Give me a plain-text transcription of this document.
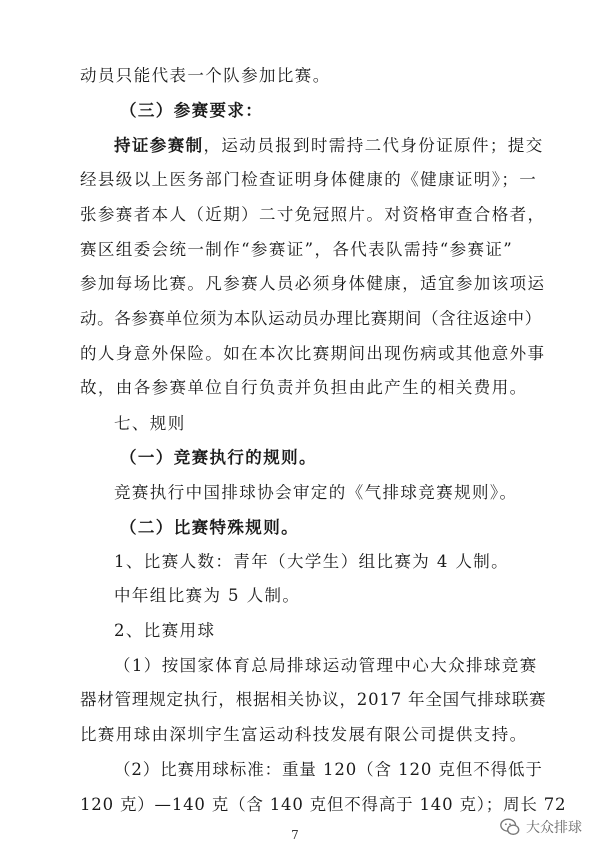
动员只能代表一个队参加比赛。
（三）参赛要求：
持证参赛制，运动员报到时需持二代身份证原件；提交
经县级以上医务部门检查证明身体健康的《健康证明》；一
张参赛者本人（近期）二寸免冠照片。对资格审查合格者，
赛区组委会统一制作“参赛证”，各代表队需持“参赛证”
参加每场比赛。凡参赛人员必须身体健康，适宜参加该项运
动。各参赛单位须为本队运动员办理比赛期间（含往返途中）
的人身意外保险。如在本次比赛期间出现伤病或其他意外事
故，由各参赛单位自行负责并负担由此产生的相关费用。
七、规则
（一）竞赛执行的规则。
竞赛执行中国排球协会审定的《气排球竞赛规则》。
（二）比赛特殊规则。
1、比赛人数：青年（大学生）组比赛为 4 人制。
中年组比赛为 5 人制。
2、比赛用球
（1）按国家体育总局排球运动管理中心大众排球竞赛
器材管理规定执行，根据相关协议，2017 年全国气排球联赛
比赛用球由深圳宇生富运动科技发展有限公司提供支持。
（2）比赛用球标准：重量 120（含 120 克但不得低于
120 克）—140 克（含 140 克但不得高于 140 克）；周长 72
7	大众排球
